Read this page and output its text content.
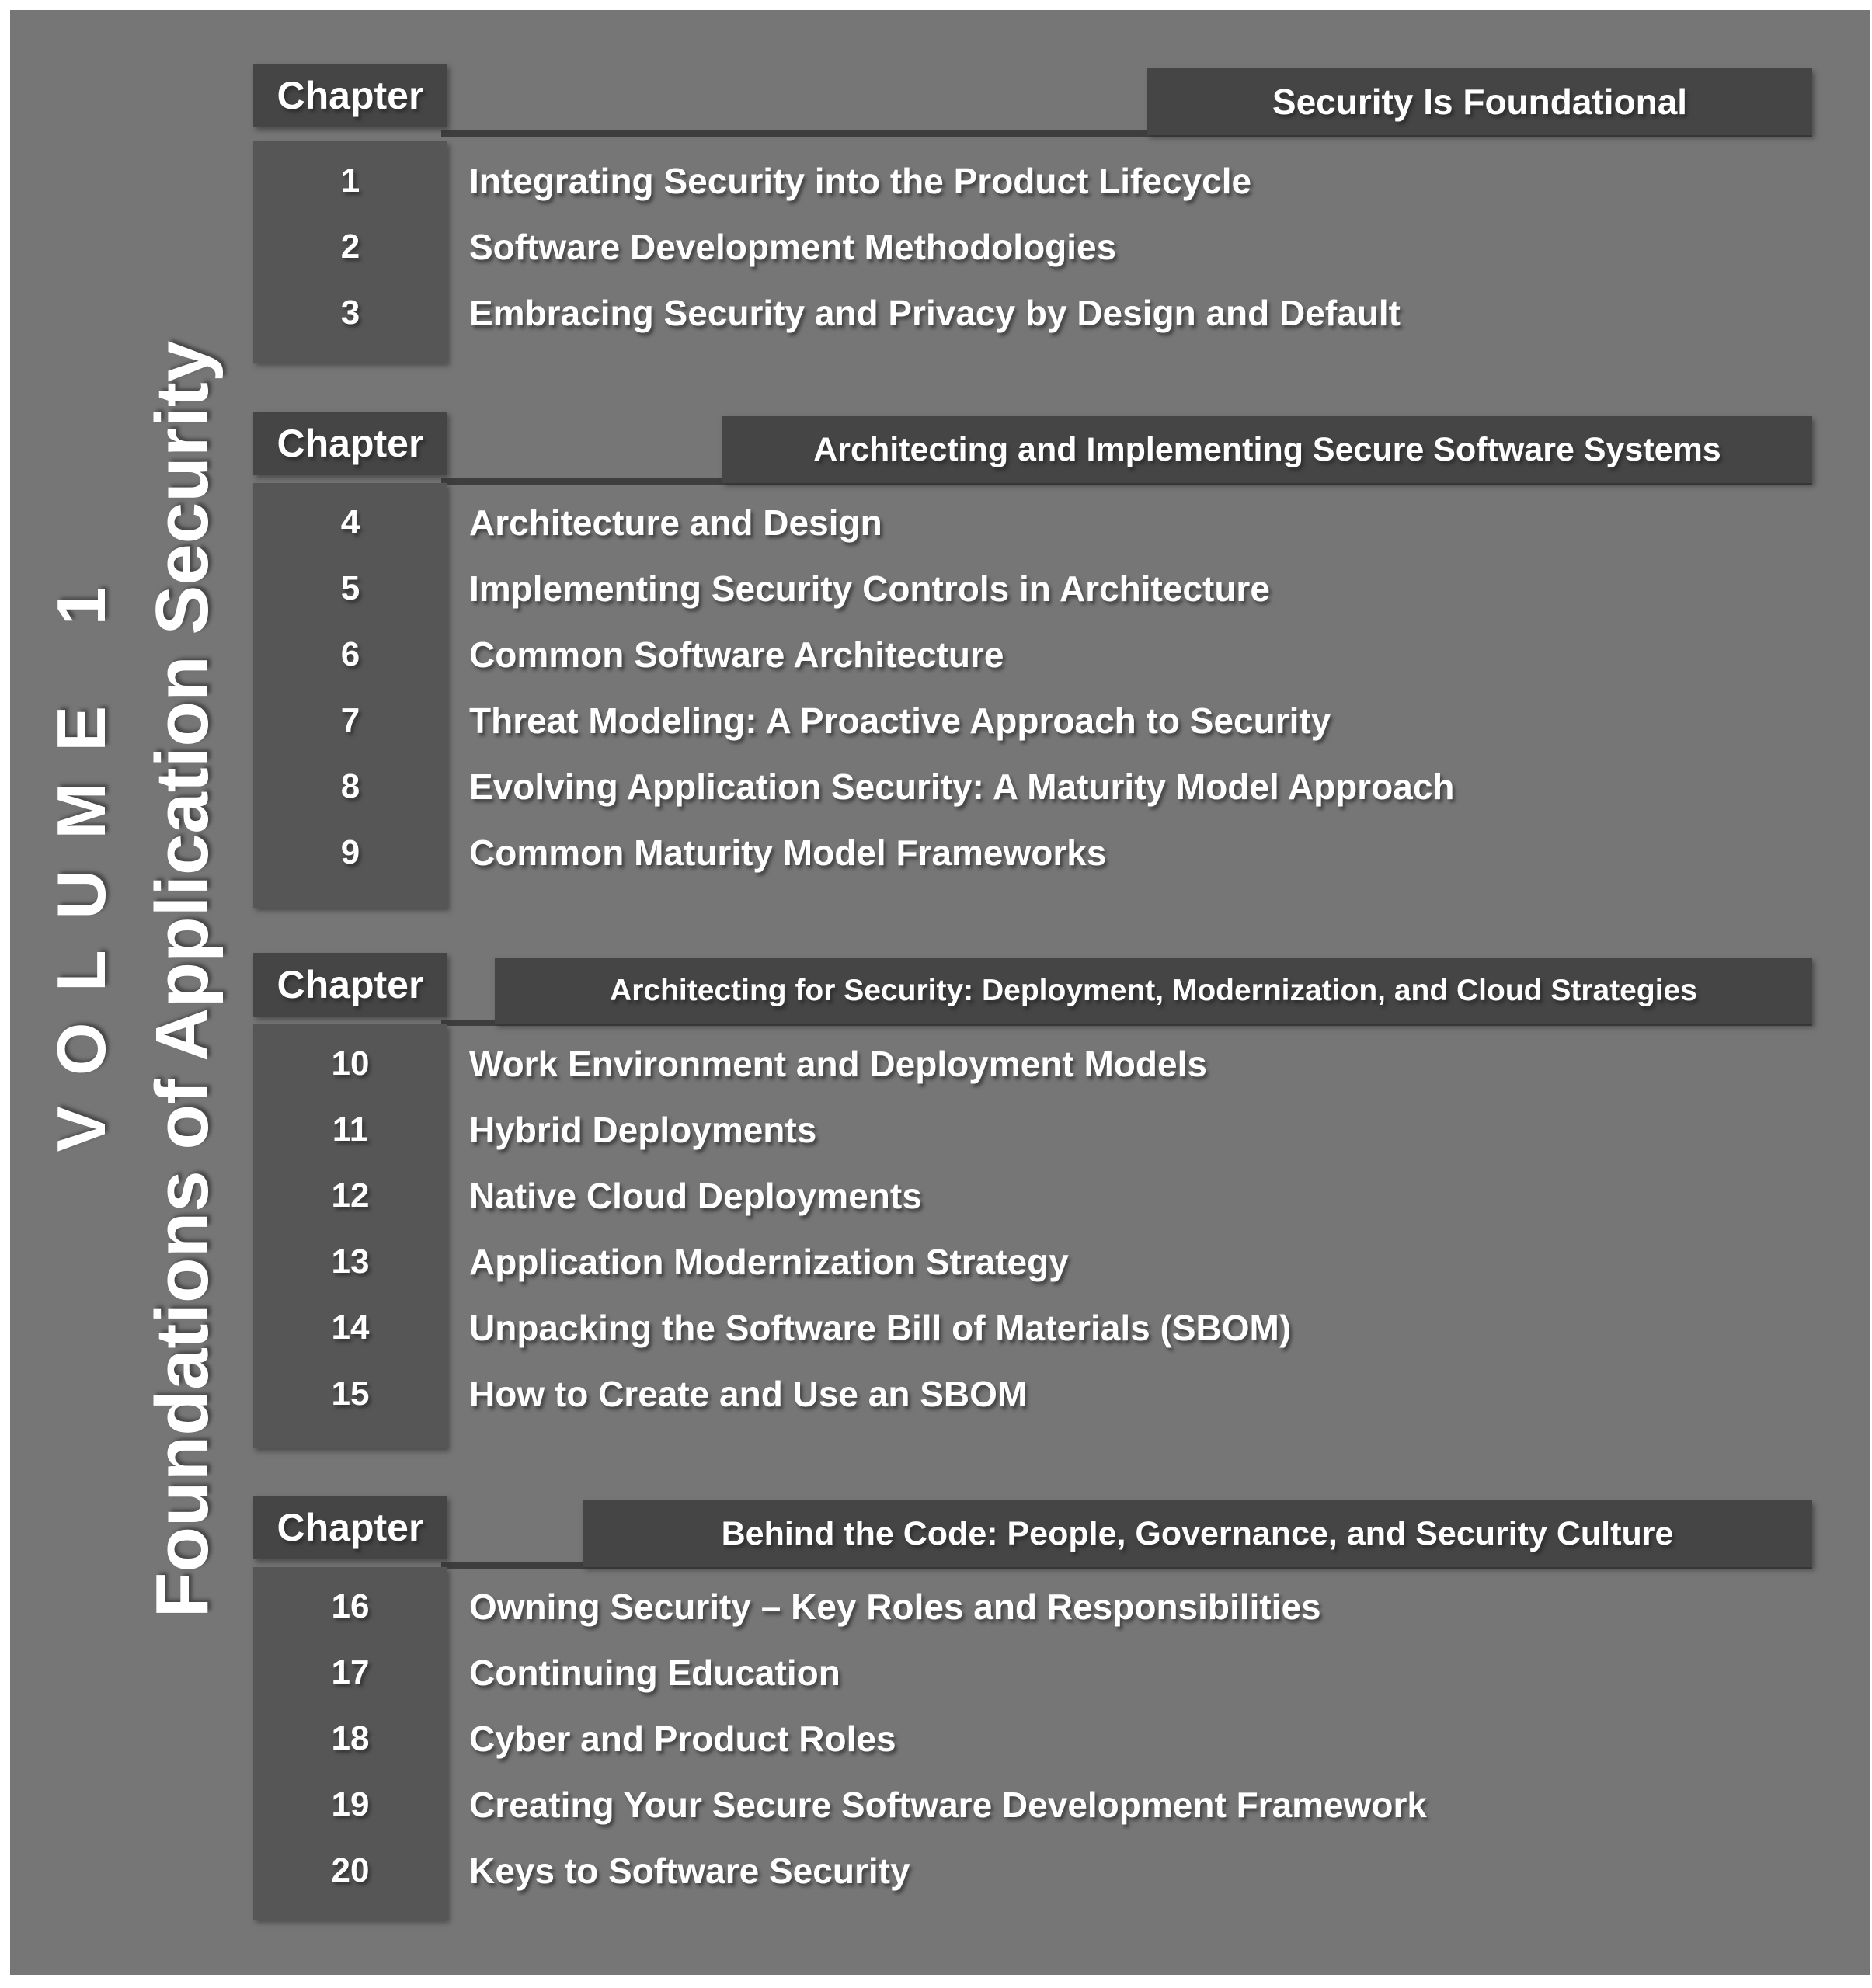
VOLUME 1 Foundations of Application Security
Chapter	Security Is Foundational
1	Integrating Security into the Product Lifecycle
2	Software Development Methodologies
3	Embracing Security and Privacy by Design and Default
Chapter	Architecting and Implementing Secure Software Systems
4	Architecture and Design
5	Implementing Security Controls in Architecture
6	Common Software Architecture
7	Threat Modeling: A Proactive Approach to Security
8	Evolving Application Security: A Maturity Model Approach
9	Common Maturity Model Frameworks
Chapter	Architecting for Security: Deployment, Modernization, and Cloud Strategies
10	Work Environment and Deployment Models
11	Hybrid Deployments
12	Native Cloud Deployments
13	Application Modernization Strategy
14	Unpacking the Software Bill of Materials (SBOM)
15	How to Create and Use an SBOM
Chapter	Behind the Code: People, Governance, and Security Culture
16	Owning Security – Key Roles and Responsibilities
17	Continuing Education
18	Cyber and Product Roles
19	Creating Your Secure Software Development Framework
20	Keys to Software Security
